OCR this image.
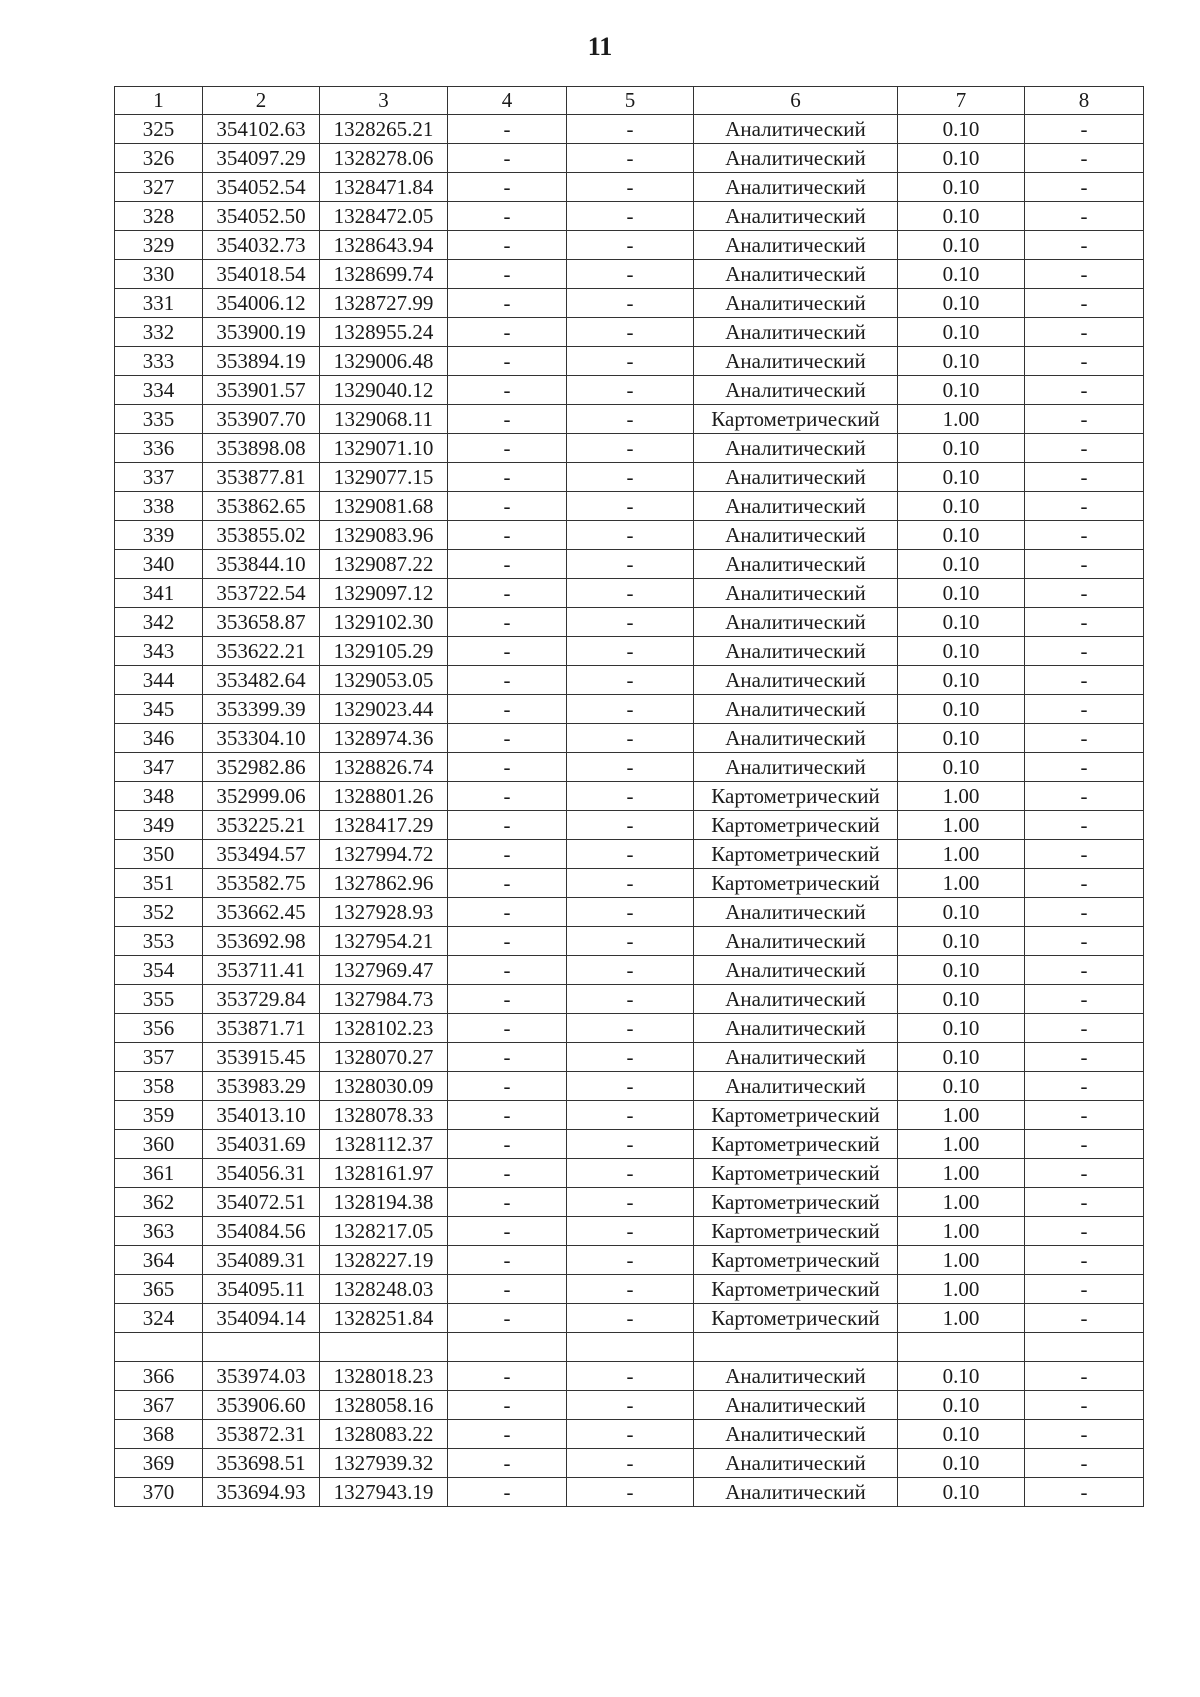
11
1	2	3	4	5	6	7	8
325	354102.63	1328265.21	-	-	Аналитический	0.10	-
326	354097.29	1328278.06	-	-	Аналитический	0.10	-
327	354052.54	1328471.84	-	-	Аналитический	0.10	-
328	354052.50	1328472.05	-	-	Аналитический	0.10	-
329	354032.73	1328643.94	-	-	Аналитический	0.10	-
330	354018.54	1328699.74	-	-	Аналитический	0.10	-
331	354006.12	1328727.99	-	-	Аналитический	0.10	-
332	353900.19	1328955.24	-	-	Аналитический	0.10	-
333	353894.19	1329006.48	-	-	Аналитический	0.10	-
334	353901.57	1329040.12	-	-	Аналитический	0.10	-
335	353907.70	1329068.11	-	-	Картометрический	1.00	-
336	353898.08	1329071.10	-	-	Аналитический	0.10	-
337	353877.81	1329077.15	-	-	Аналитический	0.10	-
338	353862.65	1329081.68	-	-	Аналитический	0.10	-
339	353855.02	1329083.96	-	-	Аналитический	0.10	-
340	353844.10	1329087.22	-	-	Аналитический	0.10	-
341	353722.54	1329097.12	-	-	Аналитический	0.10	-
342	353658.87	1329102.30	-	-	Аналитический	0.10	-
343	353622.21	1329105.29	-	-	Аналитический	0.10	-
344	353482.64	1329053.05	-	-	Аналитический	0.10	-
345	353399.39	1329023.44	-	-	Аналитический	0.10	-
346	353304.10	1328974.36	-	-	Аналитический	0.10	-
347	352982.86	1328826.74	-	-	Аналитический	0.10	-
348	352999.06	1328801.26	-	-	Картометрический	1.00	-
349	353225.21	1328417.29	-	-	Картометрический	1.00	-
350	353494.57	1327994.72	-	-	Картометрический	1.00	-
351	353582.75	1327862.96	-	-	Картометрический	1.00	-
352	353662.45	1327928.93	-	-	Аналитический	0.10	-
353	353692.98	1327954.21	-	-	Аналитический	0.10	-
354	353711.41	1327969.47	-	-	Аналитический	0.10	-
355	353729.84	1327984.73	-	-	Аналитический	0.10	-
356	353871.71	1328102.23	-	-	Аналитический	0.10	-
357	353915.45	1328070.27	-	-	Аналитический	0.10	-
358	353983.29	1328030.09	-	-	Аналитический	0.10	-
359	354013.10	1328078.33	-	-	Картометрический	1.00	-
360	354031.69	1328112.37	-	-	Картометрический	1.00	-
361	354056.31	1328161.97	-	-	Картометрический	1.00	-
362	354072.51	1328194.38	-	-	Картометрический	1.00	-
363	354084.56	1328217.05	-	-	Картометрический	1.00	-
364	354089.31	1328227.19	-	-	Картометрический	1.00	-
365	354095.11	1328248.03	-	-	Картометрический	1.00	-
324	354094.14	1328251.84	-	-	Картометрический	1.00	-

366	353974.03	1328018.23	-	-	Аналитический	0.10	-
367	353906.60	1328058.16	-	-	Аналитический	0.10	-
368	353872.31	1328083.22	-	-	Аналитический	0.10	-
369	353698.51	1327939.32	-	-	Аналитический	0.10	-
370	353694.93	1327943.19	-	-	Аналитический	0.10	-
